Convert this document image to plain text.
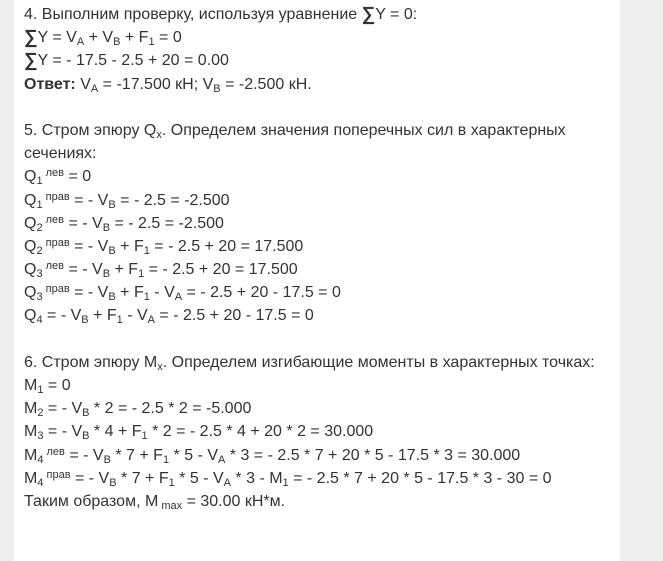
4. Выполним проверку, используя уравнение ∑Y = 0:
$\sum Y = V_A + V_B + F_1 = 0$
∑Y = - 17.5 - 2.5 + 20 = 0.00
Ответ: $V_A = -17.500$ кН; $V_B = -2.500$ кН.
5. Стром эпюру $Q_x$. Определем значения поперечных сил в характерных сечениях:
$Q_1$ $^{лев}$ = 0
$Q_1$ $^{прав}$ = - $V_B$ = - 2.5 = -2.500
$Q_2$ $^{лев}$ = - $V_B$ = - 2.5 = -2.500
$Q_2$ $^{прав}$ = - $V_B + F_1$ = - 2.5 + 20 = 17.500
$Q_3$ $^{лев}$ = - $V_B + F_1$ = - 2.5 + 20 = 17.500
$Q_3$ $^{прав}$ = - $V_B + F_1 - V_A$ = - 2.5 + 20 - 17.5 = 0
$Q_4$ = - $V_B + F_1 - V_A$ = - 2.5 + 20 - 17.5 = 0
6. Стром эпюру $M_x$. Определем изгибающие моменты в характерных точках:
$M_1 = 0$
$M_2$ = - $V_B * 2$ = - 2.5 * 2 = -5.000
$M_3$ = - $V_B * 4 + F_1 * 2$ = - 2.5 * 4 + 20 * 2 = 30.000
$M_4$ $^{лев}$ = - $V_B * 7 + F_1 * 5 - V_A * 3$ = - 2.5 * 7 + 20 * 5 - 17.5 * 3 = 30.000
$M_4$ $^{прав}$ = - $V_B * 7 + F_1 * 5 - V_A * 3 - M_1$ = - 2.5 * 7 + 20 * 5 - 17.5 * 3 - 30 = 0
Таким образом, M $_{max}$ = 30.00 кН*м.
